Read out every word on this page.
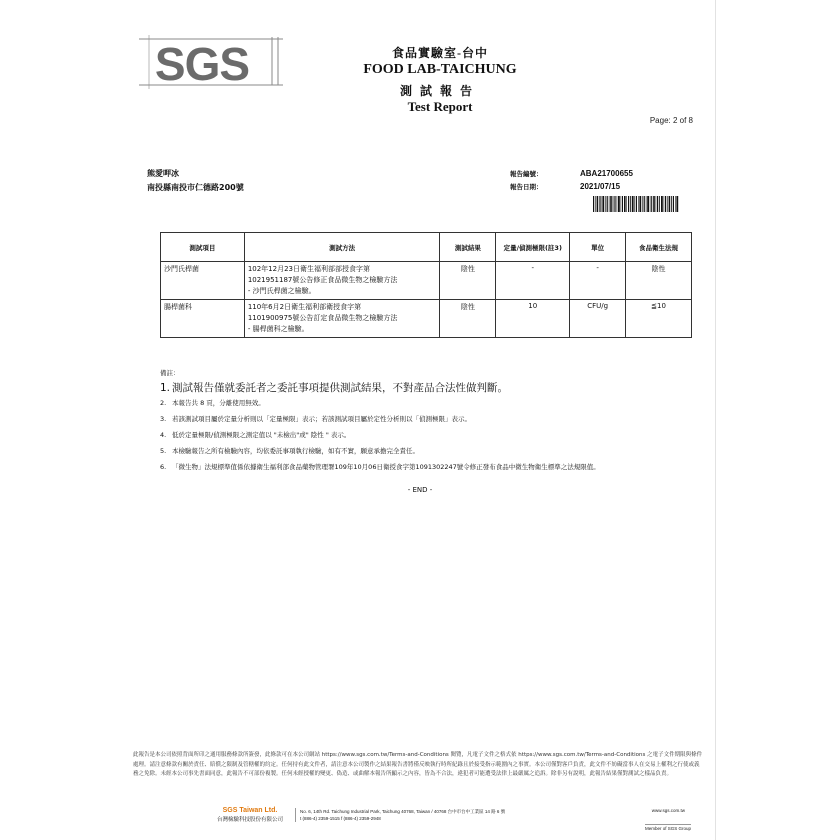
SGS	食品實驗室-台中
FOOD LAB-TAICHUNG
測試報告
Test Report
Page: 2 of 8
熊愛呷冰
南投縣南投市仁德路200號
報告編號：	ABA21700655
報告日期：	2021/07/15
測試項目	測試方法	測試結果	定量/偵測極限(註3)	單位	食品衛生法規
沙門氏桿菌	102年12月23日衛生福利部部授食字第
1021951187號公告修正食品微生物之檢驗方法
- 沙門氏桿菌之檢驗。	陰性	-	-	陰性
腸桿菌科	110年6月2日衛生福利部衛授食字第
1101900975號公告訂定食品微生物之檢驗方法
- 腸桿菌科之檢驗。	陰性	10	CFU/g	≦10
備註：
1. 測試報告僅就委託者之委託事項提供測試結果，不對產品合法性做判斷。
2. 本報告共 8 頁，分離使用無效。
3. 若該測試項目屬於定量分析則以「定量極限」表示；若該測試項目屬於定性分析則以「偵測極限」表示。
4. 低於定量極限/偵測極限之測定值以 "未檢出"或" 陰性 " 表示。
5. 本檢驗報告之所有檢驗內容，均依委託事項執行檢驗，如有不實，願意承擔完全責任。
6. 「微生物」法規標準值係依據衛生福利部食品藥物管理署109年10月06日衛授食字第1091302247號令修正發布食品中微生物衛生標準之法規限值。
- END -
此報告是本公司依照背面所印之通用服務條款所簽發，此條款可在本公司網站 https://www.sgs.com.tw/Terms-and-Conditions 閱覽，凡電子文件之格式依 https://www.sgs.com.tw/Terms-and-Conditions 之電子文件期限與條件處理。請注意條款有關於責任、賠償之限制及管轄權的約定。任何持有此文件者，請注意本公司製作之結果報告書將僅反映執行時所紀錄且於接受指示範圍內之事實。本公司僅對客戶負責，此文件不妨礙當事人在交易上權利之行使或義務之免除。未經本公司事先書面同意，此報告不可部份複製。任何未經授權的變更、偽造、或曲解本報告所顯示之內容，皆為不合法，違犯者可能遭受法律上最嚴厲之追訴。除非另有說明，此報告結果僅對測試之樣品負責。
SGS Taiwan Ltd.
台灣檢驗科技股份有限公司
No. 6, 14th Rd. Taichung Industrial Park, Taichung 40768, Taiwan / 40768 台中市台中工業區 14 路 6 號
t (886-4) 2359-1515 f (886-4) 2359-2948
www.sgs.com.tw
Member of SGS Group
